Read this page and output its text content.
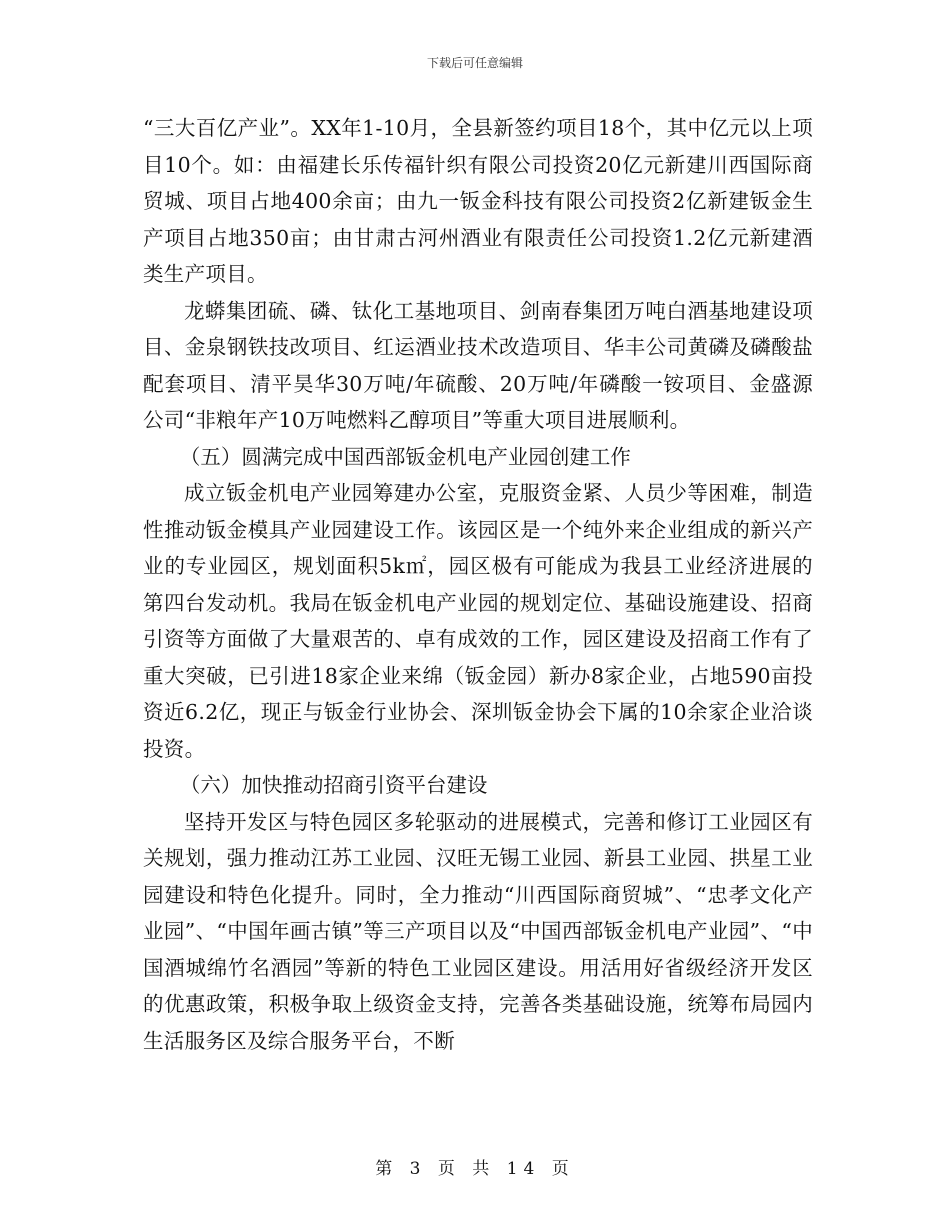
下载后可任意编辑

“三大百亿产业”。XX年1-10月，全县新签约项目18个，其中亿元以上项目10个。如：由福建长乐传福针织有限公司投资20亿元新建川西国际商贸城、项目占地400余亩；由九一钣金科技有限公司投资2亿新建钣金生产项目占地350亩；由甘肃古河州酒业有限责任公司投资1.2亿元新建酒类生产项目。

龙蟒集团硫、磷、钛化工基地项目、剑南春集团万吨白酒基地建设项目、金泉钢铁技改项目、红运酒业技术改造项目、华丰公司黄磷及磷酸盐配套项目、清平昊华30万吨/年硫酸、20万吨/年磷酸一铵项目、金盛源公司“非粮年产10万吨燃料乙醇项目”等重大项目进展顺利。

（五）圆满完成中国西部钣金机电产业园创建工作

成立钣金机电产业园筹建办公室，克服资金紧、人员少等困难，制造性推动钣金模具产业园建设工作。该园区是一个纯外来企业组成的新兴产业的专业园区，规划面积5k㎡，园区极有可能成为我县工业经济进展的第四台发动机。我局在钣金机电产业园的规划定位、基础设施建设、招商引资等方面做了大量艰苦的、卓有成效的工作，园区建设及招商工作有了重大突破，已引进18家企业来绵（钣金园）新办8家企业，占地590亩投资近6.2亿，现正与钣金行业协会、深圳钣金协会下属的10余家企业洽谈投资。

（六）加快推动招商引资平台建设

坚持开发区与特色园区多轮驱动的进展模式，完善和修订工业园区有关规划，强力推动江苏工业园、汉旺无锡工业园、新县工业园、拱星工业园建设和特色化提升。同时，全力推动“川西国际商贸城”、“忠孝文化产业园”、“中国年画古镇”等三产项目以及“中国西部钣金机电产业园”、“中国酒城绵竹名酒园”等新的特色工业园区建设。用活用好省级经济开发区的优惠政策，积极争取上级资金支持，完善各类基础设施，统筹布局园内生活服务区及综合服务平台，不断

第 3 页 共 14 页
